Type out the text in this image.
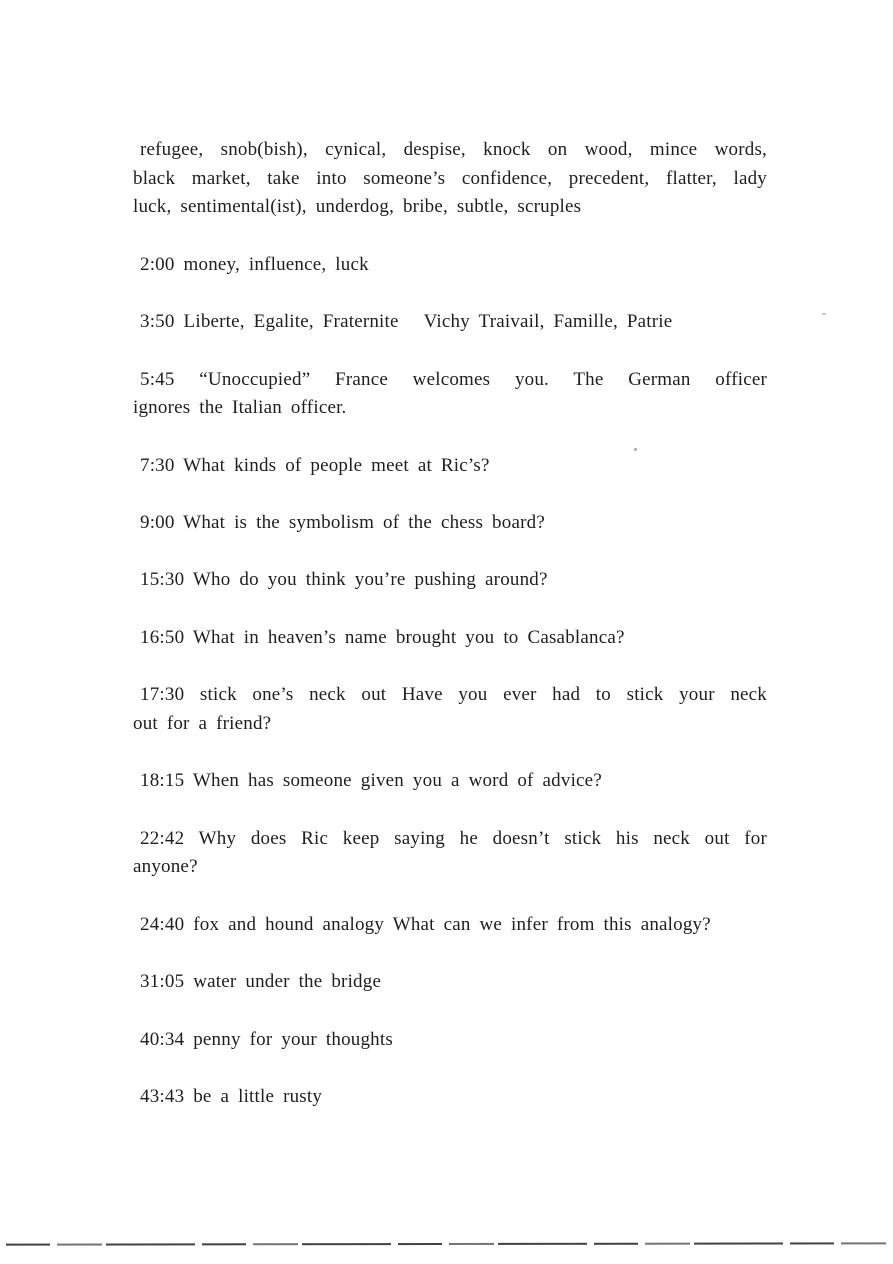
refugee, snob(bish), cynical, despise, knock on wood, mince words,
black market, take into someone’s confidence, precedent, flatter, lady
luck, sentimental(ist), underdog, bribe, subtle, scruples
2:00 money, influence, luck
3:50 Liberte, Egalite, Fraternite Vichy Traivail, Famille, Patrie
5:45 “Unoccupied” France welcomes you. The German officer
ignores the Italian officer.
7:30 What kinds of people meet at Ric’s?
9:00 What is the symbolism of the chess board?
15:30 Who do you think you’re pushing around?
16:50 What in heaven’s name brought you to Casablanca?
17:30 stick one’s neck out Have you ever had to stick your neck
out for a friend?
18:15 When has someone given you a word of advice?
22:42 Why does Ric keep saying he doesn’t stick his neck out for
anyone?
24:40 fox and hound analogy What can we infer from this analogy?
31:05 water under the bridge
40:34 penny for your thoughts
43:43 be a little rusty
